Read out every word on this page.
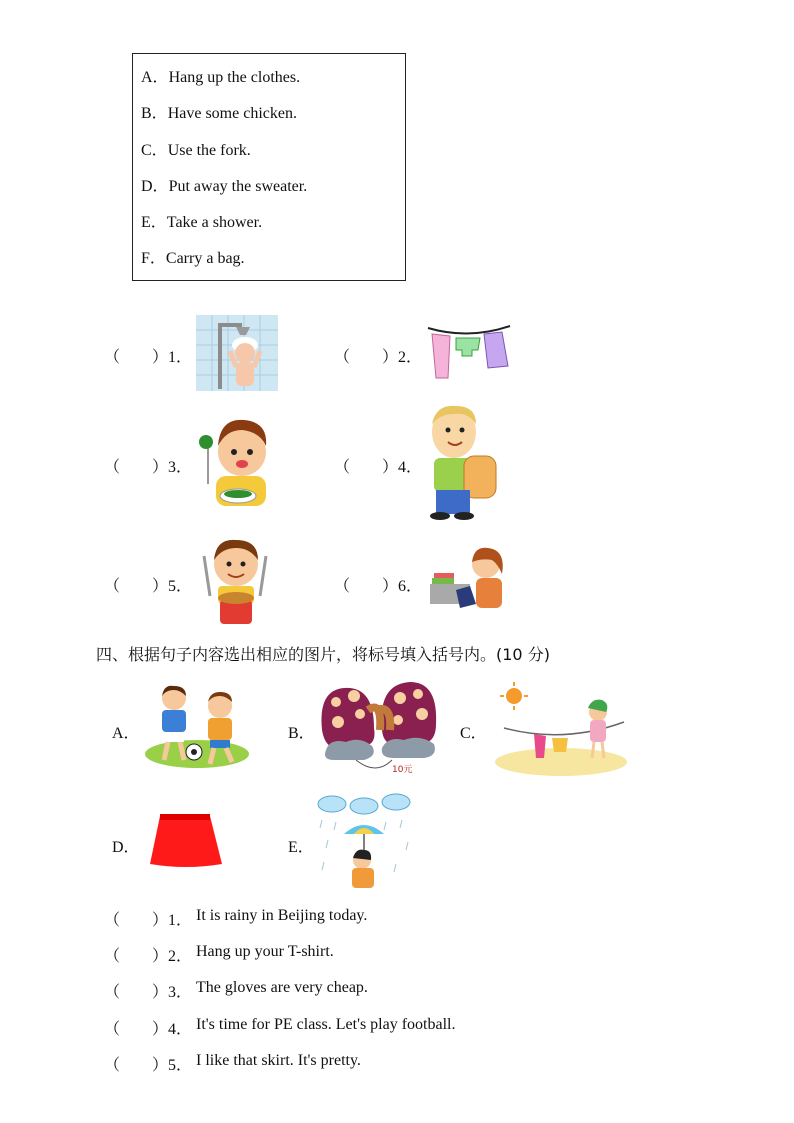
A．Hang up the clothes.
B．Have some chicken.
C．Use the fork.
D．Put away the sweater.
E．Take a shower.
F．Carry a bag.
（        ） 1．	（        ） 2．
（        ） 3．	（        ） 4．
（        ） 5．	（        ） 6．
四、根据句子内容选出相应的图片，将标号填入括号内。(10 分)
A．	B．
10元
C．
D．	E．
（        ） 1． It is rainy in Beijing today.
（        ） 2． Hang up your T-shirt.
（        ） 3． The gloves are very cheap.
（        ） 4． It's time for PE class. Let's play football.
（        ） 5． I like that skirt. It's pretty.
